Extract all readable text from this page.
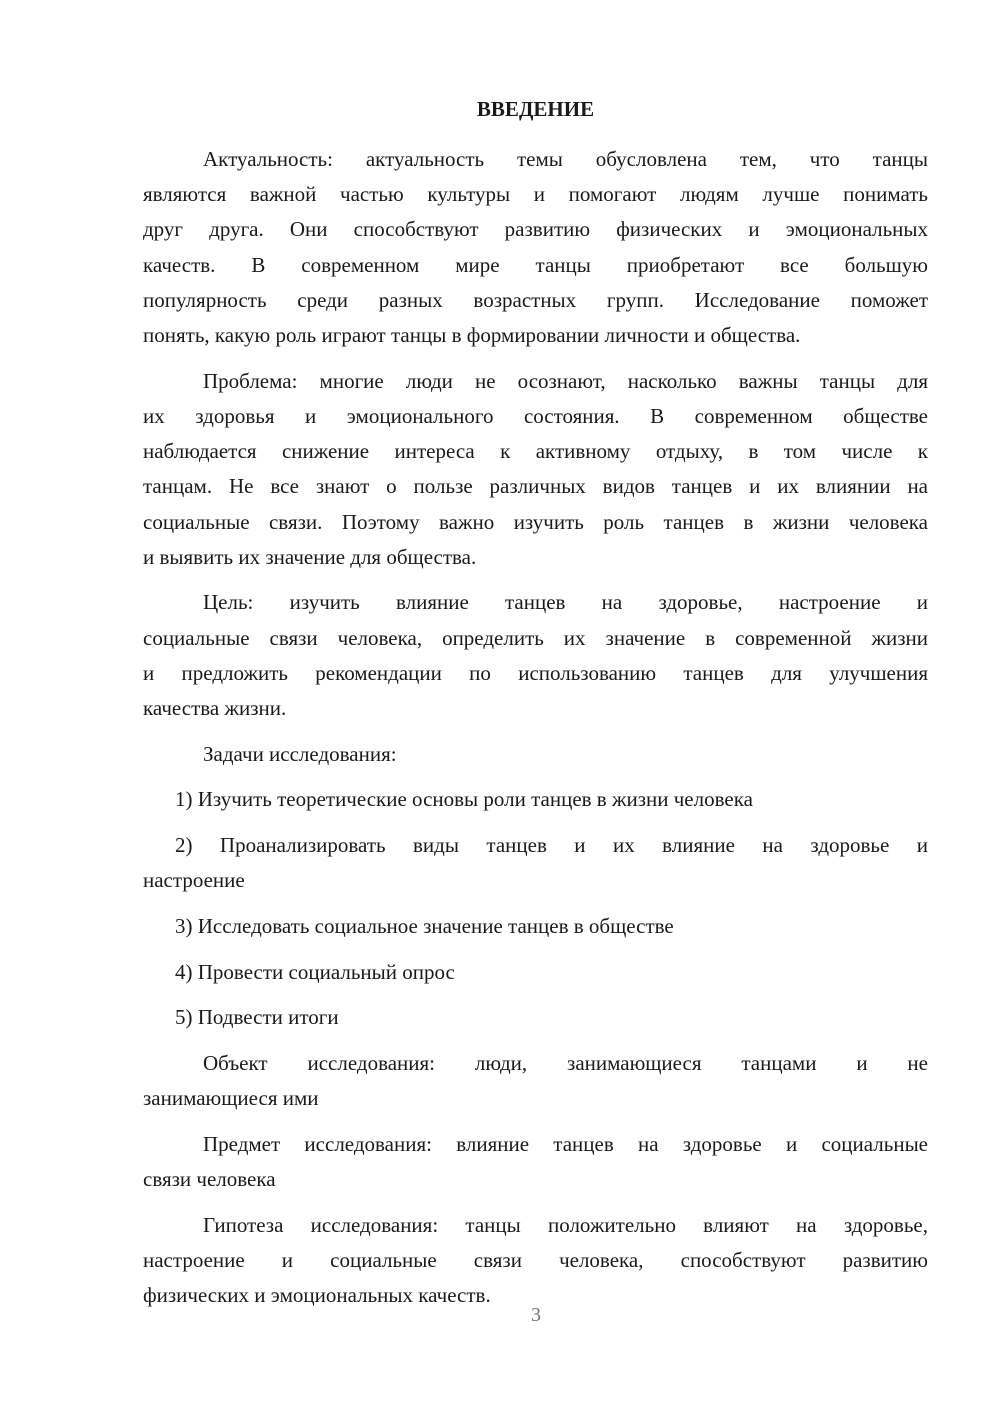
ВВЕДЕНИЕ
Актуальность: актуальность темы обусловлена тем, что танцы
являются важной частью культуры и помогают людям лучше понимать
друг друга. Они способствуют развитию физических и эмоциональных
качеств. В современном мире танцы приобретают все большую
популярность среди разных возрастных групп. Исследование поможет
понять, какую роль играют танцы в формировании личности и общества.
Проблема: многие люди не осознают, насколько важны танцы для
их здоровья и эмоционального состояния. В современном обществе
наблюдается снижение интереса к активному отдыху, в том числе к
танцам. Не все знают о пользе различных видов танцев и их влиянии на
социальные связи. Поэтому важно изучить роль танцев в жизни человека
и выявить их значение для общества.
Цель: изучить влияние танцев на здоровье, настроение и
социальные связи человека, определить их значение в современной жизни
и предложить рекомендации по использованию танцев для улучшения
качества жизни.
Задачи исследования:
1) Изучить теоретические основы роли танцев в жизни человека
2) Проанализировать виды танцев и их влияние на здоровье и
настроение
3) Исследовать социальное значение танцев в обществе
4) Провести социальный опрос
5) Подвести итоги
Объект исследования: люди, занимающиеся танцами и не
занимающиеся ими
Предмет исследования: влияние танцев на здоровье и социальные
связи человека
Гипотеза исследования: танцы положительно влияют на здоровье,
настроение и социальные связи человека, способствуют развитию
физических и эмоциональных качеств.
3
